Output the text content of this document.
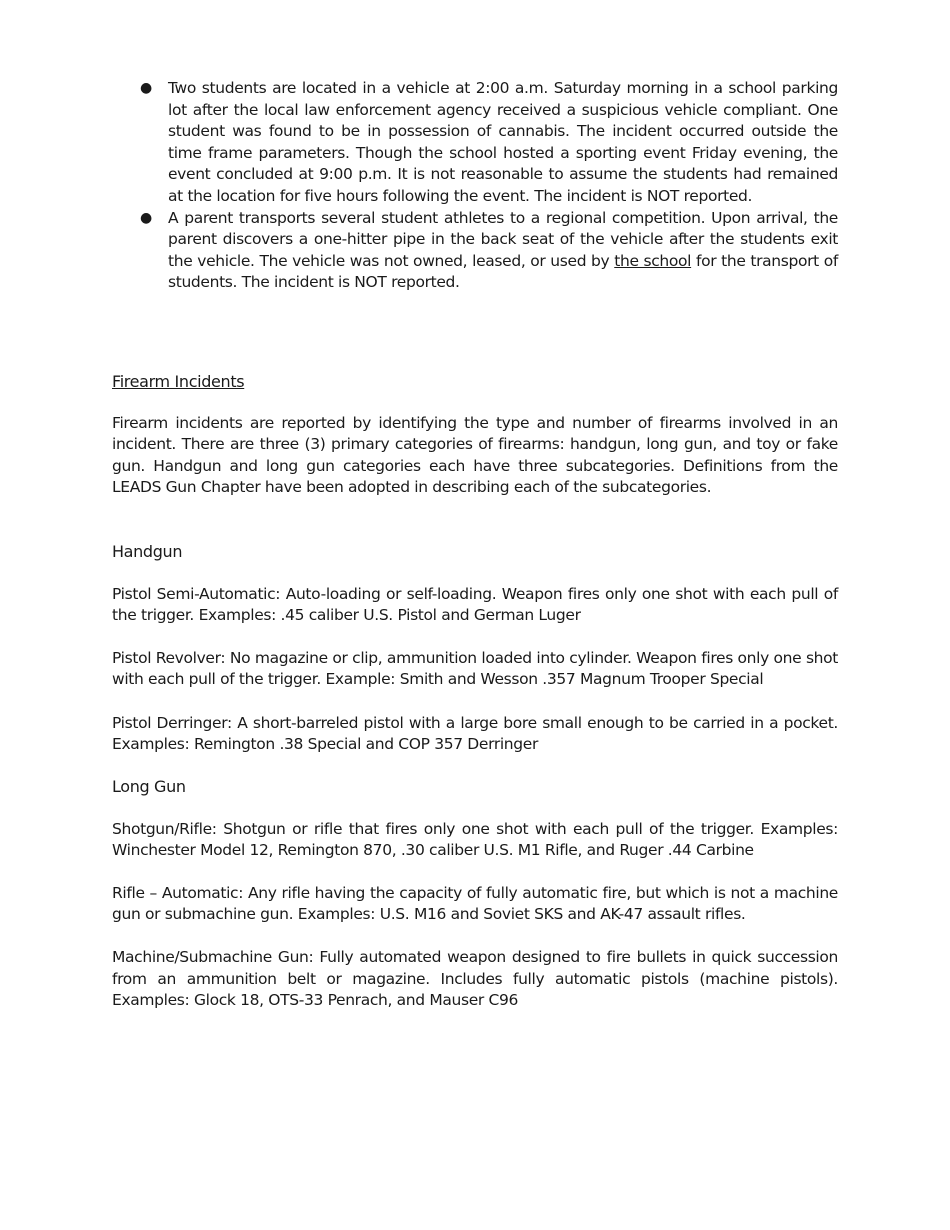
● Two students are located in a vehicle at 2:00 a.m. Saturday morning in a school parking lot after the local law enforcement agency received a suspicious vehicle compliant. One student was found to be in possession of cannabis. The incident occurred outside the time frame parameters. Though the school hosted a sporting event Friday evening, the event concluded at 9:00 p.m. It is not reasonable to assume the students had remained at the location for five hours following the event. The incident is NOT reported.
● A parent transports several student athletes to a regional competition. Upon arrival, the parent discovers a one-hitter pipe in the back seat of the vehicle after the students exit the vehicle. The vehicle was not owned, leased, or used by the school for the transport of students. The incident is NOT reported.
Firearm Incidents

Firearm incidents are reported by identifying the type and number of firearms involved in an incident. There are three (3) primary categories of firearms: handgun, long gun, and toy or fake gun. Handgun and long gun categories each have three subcategories. Definitions from the LEADS Gun Chapter have been adopted in describing each of the subcategories.

Handgun

Pistol Semi-Automatic: Auto-loading or self-loading. Weapon fires only one shot with each pull of the trigger. Examples: .45 caliber U.S. Pistol and German Luger

Pistol Revolver: No magazine or clip, ammunition loaded into cylinder. Weapon fires only one shot with each pull of the trigger. Example: Smith and Wesson .357 Magnum Trooper Special

Pistol Derringer: A short-barreled pistol with a large bore small enough to be carried in a pocket. Examples: Remington .38 Special and COP 357 Derringer

Long Gun

Shotgun/Rifle: Shotgun or rifle that fires only one shot with each pull of the trigger. Examples: Winchester Model 12, Remington 870, .30 caliber U.S. M1 Rifle, and Ruger .44 Carbine

Rifle – Automatic: Any rifle having the capacity of fully automatic fire, but which is not a machine gun or submachine gun. Examples: U.S. M16 and Soviet SKS and AK-47 assault rifles.

Machine/Submachine Gun: Fully automated weapon designed to fire bullets in quick succession from an ammunition belt or magazine. Includes fully automatic pistols (machine pistols). Examples: Glock 18, OTS-33 Penrach, and Mauser C96
